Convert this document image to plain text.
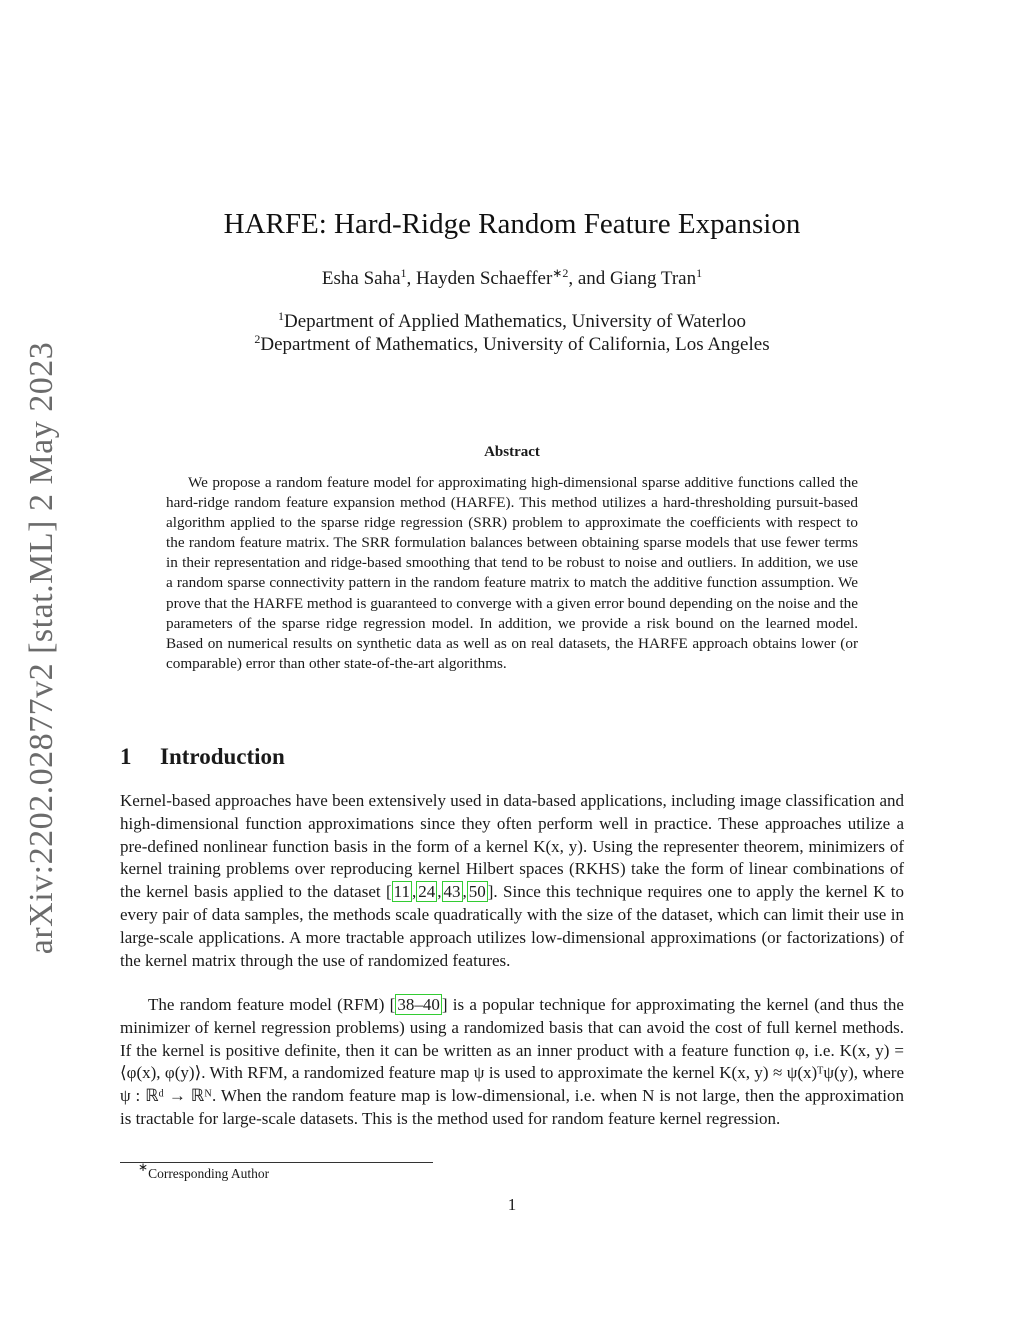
arXiv:2202.02877v2 [stat.ML] 2 May 2023
HARFE: Hard-Ridge Random Feature Expansion
Esha Saha$^1$, Hayden Schaeffer$^{∗2}$, and Giang Tran$^1$
$^1$Department of Applied Mathematics, University of Waterloo
$^2$Department of Mathematics, University of California, Los Angeles
Abstract

We propose a random feature model for approximating high-dimensional sparse additive functions called the hard-ridge random feature expansion method (HARFE). This method utilizes a hard-thresholding pursuit-based algorithm applied to the sparse ridge regression (SRR) problem to approximate the coefficients with respect to the random feature matrix. The SRR formulation balances between obtaining sparse models that use fewer terms in their representation and ridge-based smoothing that tend to be robust to noise and outliers. In addition, we use a random sparse connectivity pattern in the random feature matrix to match the additive function assumption. We prove that the HARFE method is guaranteed to converge with a given error bound depending on the noise and the parameters of the sparse ridge regression model. In addition, we provide a risk bound on the learned model. Based on numerical results on synthetic data as well as on real datasets, the HARFE approach obtains lower (or comparable) error than other state-of-the-art algorithms.

1 Introduction

Kernel-based approaches have been extensively used in data-based applications, including image classification and high-dimensional function approximations since they often perform well in practice. These approaches utilize a pre-defined nonlinear function basis in the form of a kernel K(x, y). Using the representer theorem, minimizers of kernel training problems over reproducing kernel Hilbert spaces (RKHS) take the form of linear combinations of the kernel basis applied to the dataset [ 11 , 24 , 43 , 50 ]. Since this technique requires one to apply the kernel K to every pair of data samples, the methods scale quadratically with the size of the dataset, which can limit their use in large-scale applications. A more tractable approach utilizes low-dimensional approximations (or factorizations) of the kernel matrix through the use of randomized features.

The random feature model (RFM) [ 38–40 ] is a popular technique for approximating the kernel (and thus the minimizer of kernel regression problems) using a randomized basis that can avoid the cost of full kernel methods. If the kernel is positive definite, then it can be written as an inner product with a feature function φ, i.e. K(x, y) = ⟨φ(x), φ(y)⟩. With RFM, a randomized feature map ψ is used to approximate the kernel K(x, y) ≈ ψ(x)ᵀψ(y), where ψ : ℝᵈ → ℝᴺ. When the random feature map is low-dimensional, i.e. when N is not large, then the approximation is tractable for large-scale datasets. This is the method used for random feature kernel regression.

∗Corresponding Author
1
